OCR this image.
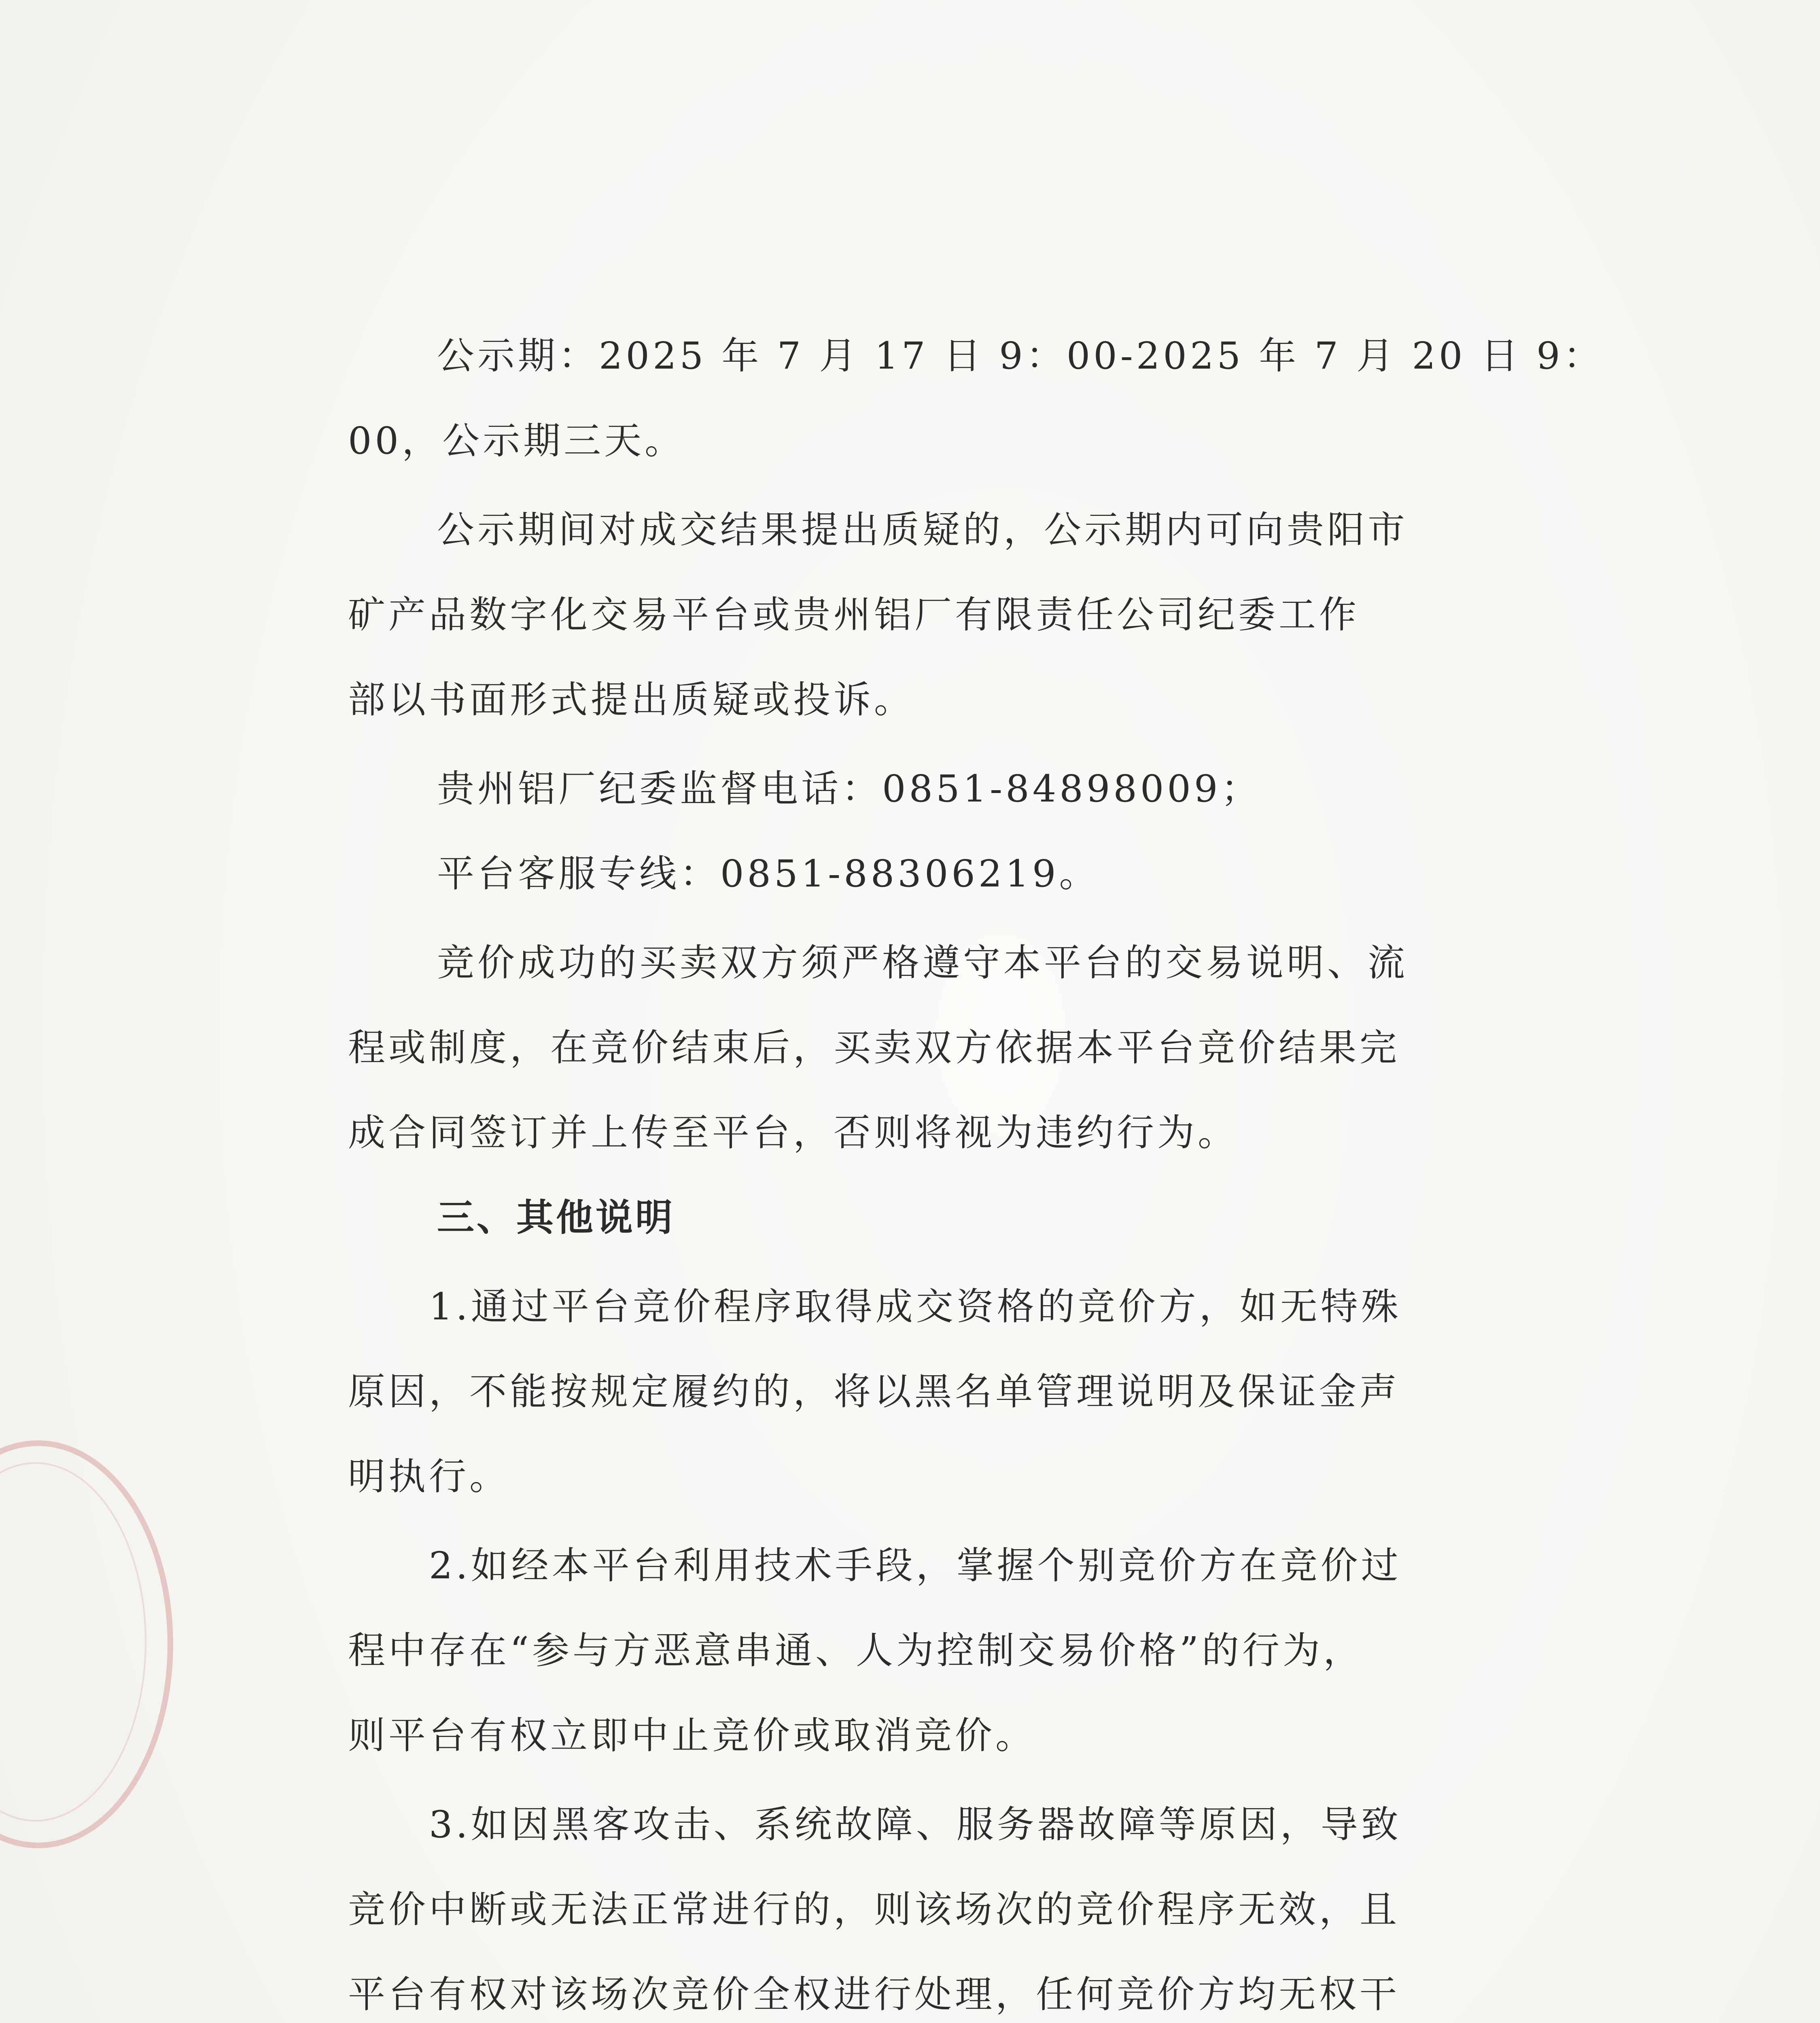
公示期：2025 年 7 月 17 日 9：00-2025 年 7 月 20 日 9：
00，公示期三天。
公示期间对成交结果提出质疑的，公示期内可向贵阳市
矿产品数字化交易平台或贵州铝厂有限责任公司纪委工作
部以书面形式提出质疑或投诉。
贵州铝厂纪委监督电话：0851-84898009；
平台客服专线：0851-88306219。
竞价成功的买卖双方须严格遵守本平台的交易说明、流
程或制度，在竞价结束后，买卖双方依据本平台竞价结果完
成合同签订并上传至平台，否则将视为违约行为。
三、其他说明
1.通过平台竞价程序取得成交资格的竞价方，如无特殊
原因，不能按规定履约的，将以黑名单管理说明及保证金声
明执行。
2.如经本平台利用技术手段，掌握个别竞价方在竞价过
程中存在“参与方恶意串通、人为控制交易价格”的行为，
则平台有权立即中止竞价或取消竞价。
3.如因黑客攻击、系统故障、服务器故障等原因，导致
竞价中断或无法正常进行的，则该场次的竞价程序无效，且
平台有权对该场次竞价全权进行处理，任何竞价方均无权干
